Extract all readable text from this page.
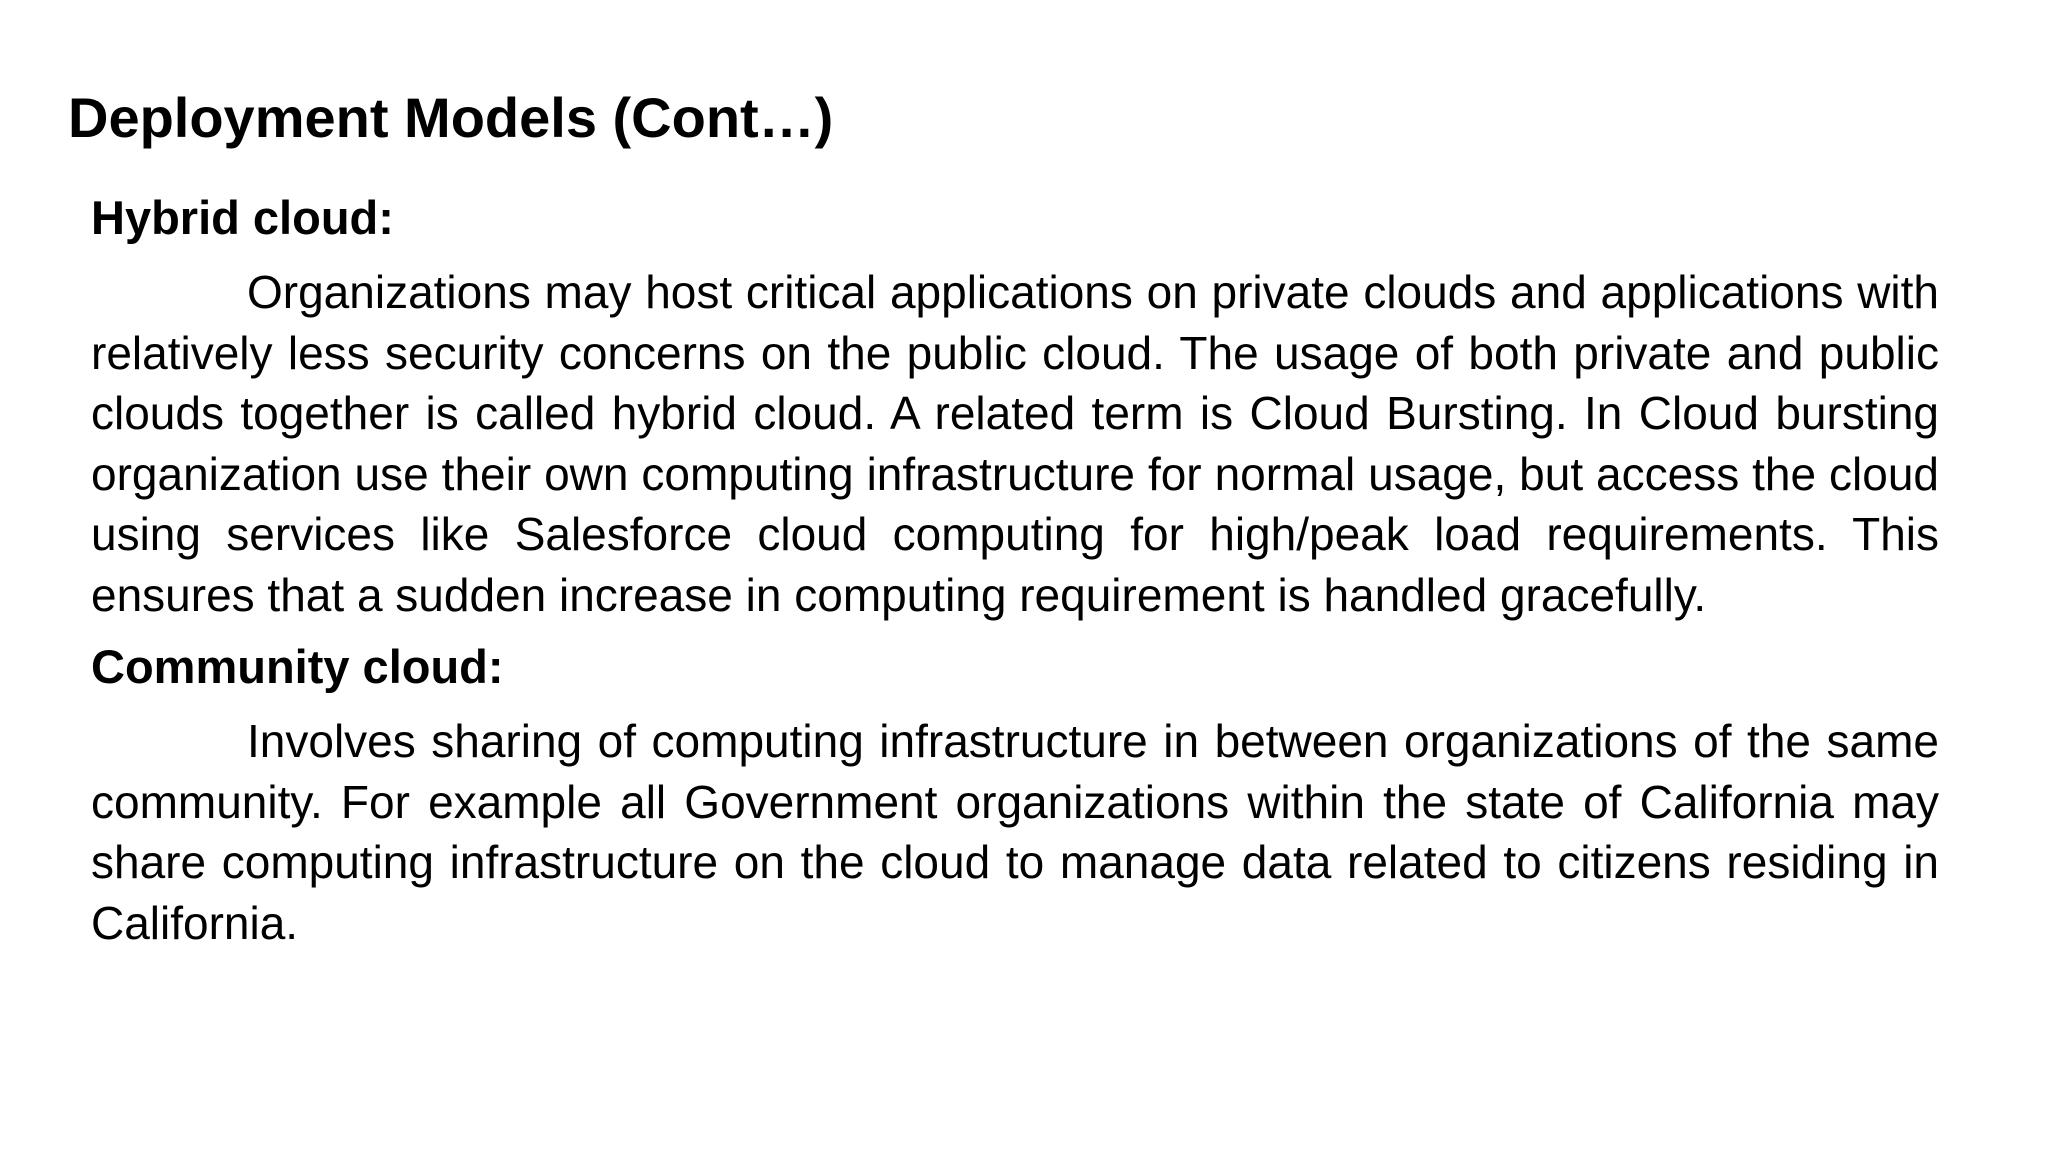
Deployment Models (Cont…)
Hybrid cloud:

Organizations may host critical applications on private clouds and applications with relatively less security concerns on the public cloud. The usage of both private and public clouds together is called hybrid cloud. A related term is Cloud Bursting. In Cloud bursting organization use their own computing infrastructure for normal usage, but access the cloud using services like Salesforce cloud computing for high/peak load requirements. This ensures that a sudden increase in computing requirement is handled gracefully.

Community cloud:

Involves sharing of computing infrastructure in between organizations of the same community. For example all Government organizations within the state of California may share computing infrastructure on the cloud to manage data related to citizens residing in California.
